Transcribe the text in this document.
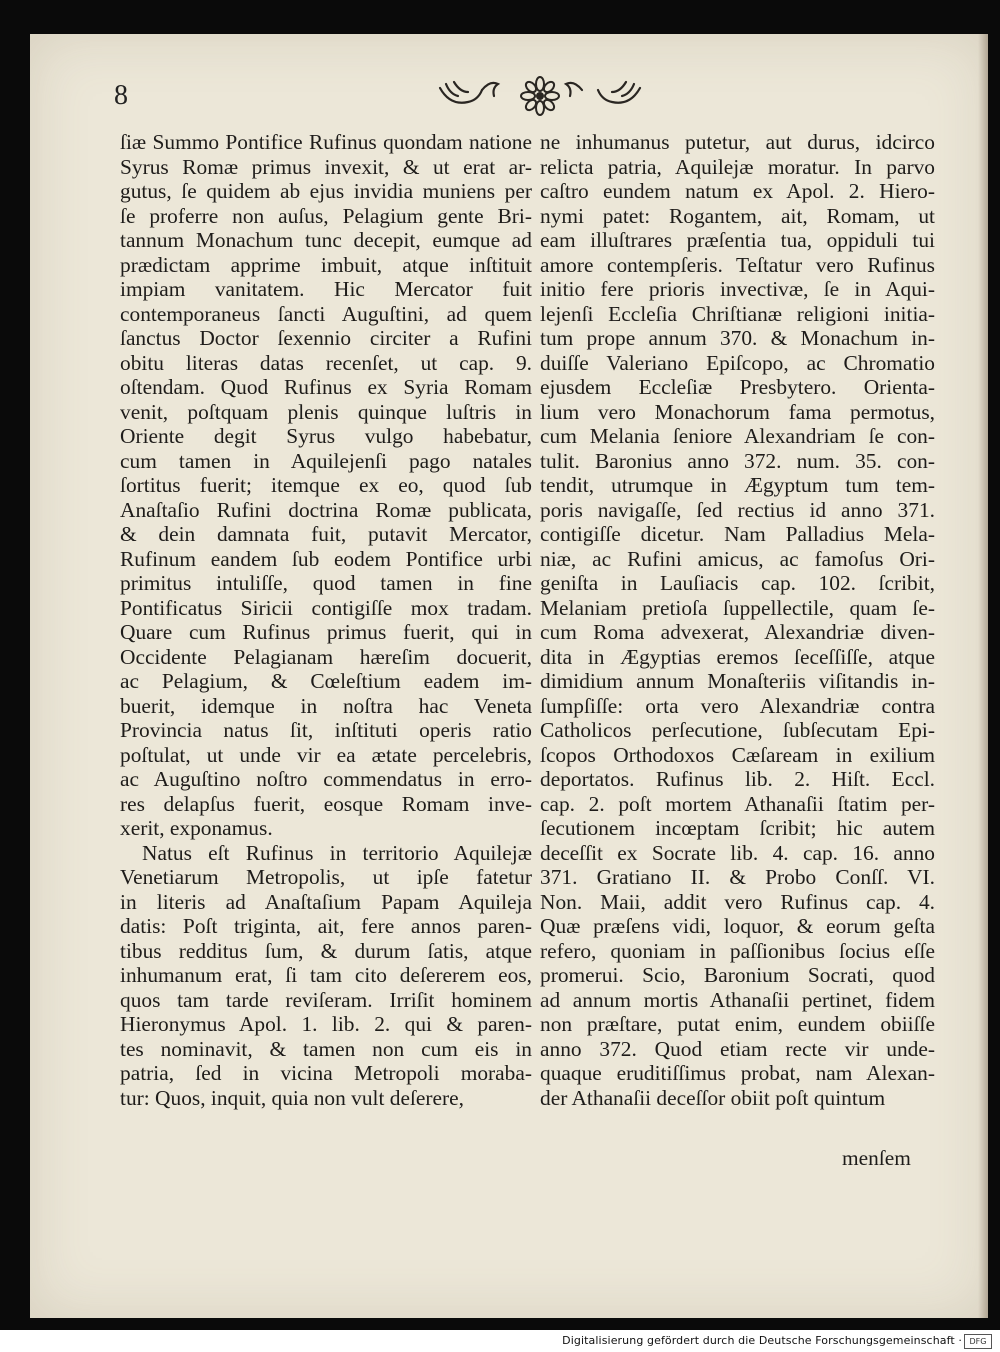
8
ſiæ Summo Pontifice Rufinus quondam natione
Syrus Romæ primus invexit, & ut erat ar-
gutus, ſe quidem ab ejus invidia muniens per
ſe proferre non auſus, Pelagium gente Bri-
tannum Monachum tunc decepit, eumque ad
prædictam apprime imbuit, atque inſtituit
impiam vanitatem. Hic Mercator fuit
contemporaneus ſancti Auguſtini, ad quem
ſanctus Doctor ſexennio circiter a Rufini
obitu literas datas recenſet, ut cap. 9.
oſtendam. Quod Rufinus ex Syria Romam
venit, poſtquam plenis quinque luſtris in
Oriente degit Syrus vulgo habebatur,
cum tamen in Aquilejenſi pago natales
ſortitus fuerit; itemque ex eo, quod ſub
Anaſtaſio Rufini doctrina Romæ publicata,
& dein damnata fuit, putavit Mercator,
Rufinum eandem ſub eodem Pontifice urbi
primitus intuliſſe, quod tamen in fine
Pontificatus Siricii contigiſſe mox tradam.
Quare cum Rufinus primus fuerit, qui in
Occidente Pelagianam hæreſim docuerit,
ac Pelagium, & Cœleſtium eadem im-
buerit, idemque in noſtra hac Veneta
Provincia natus ſit, inſtituti operis ratio
poſtulat, ut unde vir ea ætate percelebris,
ac Auguſtino noſtro commendatus in erro-
res delapſus fuerit, eosque Romam inve-
xerit, exponamus.
Natus eſt Rufinus in territorio Aquilejæ
Venetiarum Metropolis, ut ipſe fatetur
in literis ad Anaſtaſium Papam Aquileja
datis: Poſt triginta, ait, fere annos paren-
tibus redditus ſum, & durum ſatis, atque
inhumanum erat, ſi tam cito deſererem eos,
quos tam tarde reviſeram. Irriſit hominem
Hieronymus Apol. 1. lib. 2. qui & paren-
tes nominavit, & tamen non cum eis in
patria, ſed in vicina Metropoli moraba-
tur: Quos, inquit, quia non vult deſerere,
ne inhumanus putetur, aut durus, idcirco
relicta patria, Aquilejæ moratur. In parvo
caſtro eundem natum ex Apol. 2. Hiero-
nymi patet: Rogantem, ait, Romam, ut
eam illuſtrares præſentia tua, oppiduli tui
amore contempſeris. Teſtatur vero Rufinus
initio fere prioris invectivæ, ſe in Aqui-
lejenſi Eccleſia Chriſtianæ religioni initia-
tum prope annum 370. & Monachum in-
duiſſe Valeriano Epiſcopo, ac Chromatio
ejusdem Eccleſiæ Presbytero. Orienta-
lium vero Monachorum fama permotus,
cum Melania ſeniore Alexandriam ſe con-
tulit. Baronius anno 372. num. 35. con-
tendit, utrumque in Ægyptum tum tem-
poris navigaſſe, ſed rectius id anno 371.
contigiſſe dicetur. Nam Palladius Mela-
niæ, ac Rufini amicus, ac famoſus Ori-
geniſta in Lauſiacis cap. 102. ſcribit,
Melaniam pretioſa ſuppellectile, quam ſe-
cum Roma advexerat, Alexandriæ diven-
dita in Ægyptias eremos ſeceſſiſſe, atque
dimidium annum Monaſteriis viſitandis in-
ſumpſiſſe: orta vero Alexandriæ contra
Catholicos perſecutione, ſubſecutam Epi-
ſcopos Orthodoxos Cæſaream in exilium
deportatos. Rufinus lib. 2. Hiſt. Eccl.
cap. 2. poſt mortem Athanaſii ſtatim per-
ſecutionem incœptam ſcribit; hic autem
deceſſit ex Socrate lib. 4. cap. 16. anno
371. Gratiano II. & Probo Conſſ. VI.
Non. Maii, addit vero Rufinus cap. 4.
Quæ præſens vidi, loquor, & eorum geſta
refero, quoniam in paſſionibus ſocius eſſe
promerui. Scio, Baronium Socrati, quod
ad annum mortis Athanaſii pertinet, fidem
non præſtare, putat enim, eundem obiiſſe
anno 372. Quod etiam recte vir unde-
quaque eruditiſſimus probat, nam Alexan-
der Athanaſii deceſſor obiit poſt quintum
menſem
Digitalisierung gefördert durch die Deutsche Forschungsgemeinschaft · DFG
